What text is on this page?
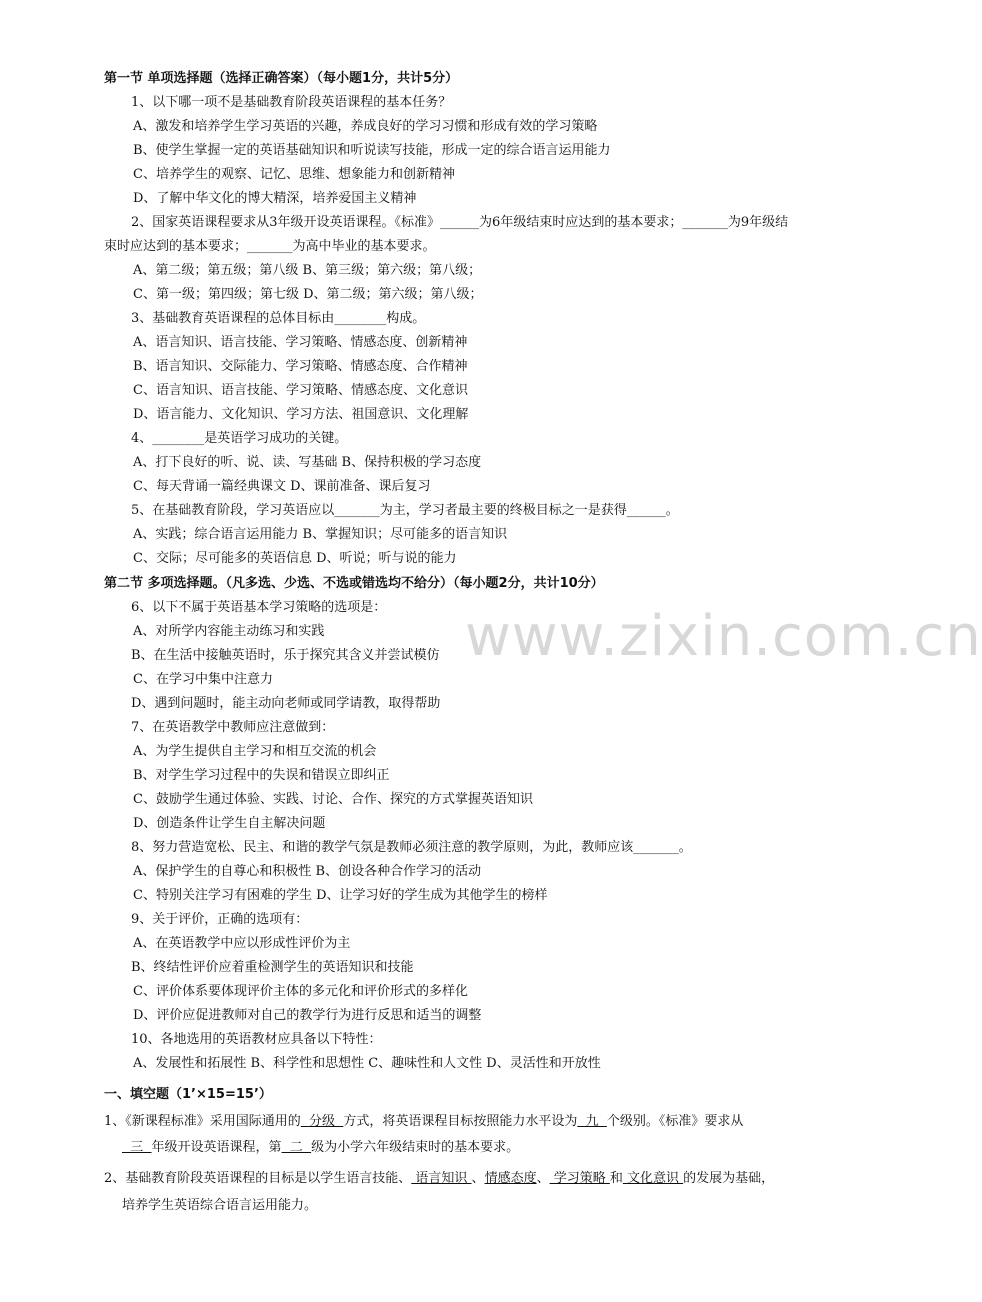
www.zixin.com.cn
第一节 单项选择题（选择正确答案）（每小题1分，共计5分）
1、以下哪一项不是基础教育阶段英语课程的基本任务？
A、激发和培养学生学习英语的兴趣，养成良好的学习习惯和形成有效的学习策略
B、使学生掌握一定的英语基础知识和听说读写技能，形成一定的综合语言运用能力
C、培养学生的观察、记忆、思维、想象能力和创新精神
D、了解中华文化的博大精深，培养爱国主义精神
2、国家英语课程要求从3年级开设英语课程。《标准》______为6年级结束时应达到的基本要求；_______为9年级结
束时应达到的基本要求；_______为高中毕业的基本要求。
A、第二级；第五级；第八级 B、第三级；第六级；第八级；
C、第一级；第四级；第七级 D、第二级；第六级；第八级；
3、基础教育英语课程的总体目标由________构成。
A、语言知识、语言技能、学习策略、情感态度、创新精神
B、语言知识、交际能力、学习策略、情感态度、合作精神
C、语言知识、语言技能、学习策略、情感态度、文化意识
D、语言能力、文化知识、学习方法、祖国意识、文化理解
4、________是英语学习成功的关键。
A、打下良好的听、说、读、写基础 B、保持积极的学习态度
C、每天背诵一篇经典课文 D、课前准备、课后复习
5、在基础教育阶段，学习英语应以_______为主，学习者最主要的终极目标之一是获得______。
A、实践；综合语言运用能力 B、掌握知识；尽可能多的语言知识
C、交际；尽可能多的英语信息 D、听说；听与说的能力
第二节 多项选择题。（凡多选、少选、不选或错选均不给分）（每小题2分，共计10分）
6、以下不属于英语基本学习策略的选项是：
A、对所学内容能主动练习和实践
B、在生活中接触英语时，乐于探究其含义并尝试模仿
C、在学习中集中注意力
D、遇到问题时，能主动向老师或同学请教，取得帮助
7、在英语教学中教师应注意做到：
A、为学生提供自主学习和相互交流的机会
B、对学生学习过程中的失误和错误立即纠正
C、鼓励学生通过体验、实践、讨论、合作、探究的方式掌握英语知识
D、创造条件让学生自主解决问题
8、努力营造宽松、民主、和谐的教学气氛是教师必须注意的教学原则，为此，教师应该_______。
A、保护学生的自尊心和积极性 B、创设各种合作学习的活动
C、特别关注学习有困难的学生 D、让学习好的学生成为其他学生的榜样
9、关于评价，正确的选项有：
A、在英语教学中应以形成性评价为主
B、终结性评价应着重检测学生的英语知识和技能
C、评价体系要体现评价主体的多元化和评价形式的多样化
D、评价应促进教师对自己的教学行为进行反思和适当的调整
10、各地选用的英语教材应具备以下特性：
A、发展性和拓展性 B、科学性和思想性 C、趣味性和人文性 D、灵活性和开放性
一、填空题（1’×15=15’）
1、《新课程标准》采用国际通用的  分级  方式，将英语课程目标按照能力水平设为  九  个级别。《标准》要求从
三  年级开设英语课程，第  二  级为小学六年级结束时的基本要求。
2、基础教育阶段英语课程的目标是以学生语言技能、 语言知识 、情感态度、 学习策略 和 文化意识 的发展为基础，
培养学生英语综合语言运用能力。
